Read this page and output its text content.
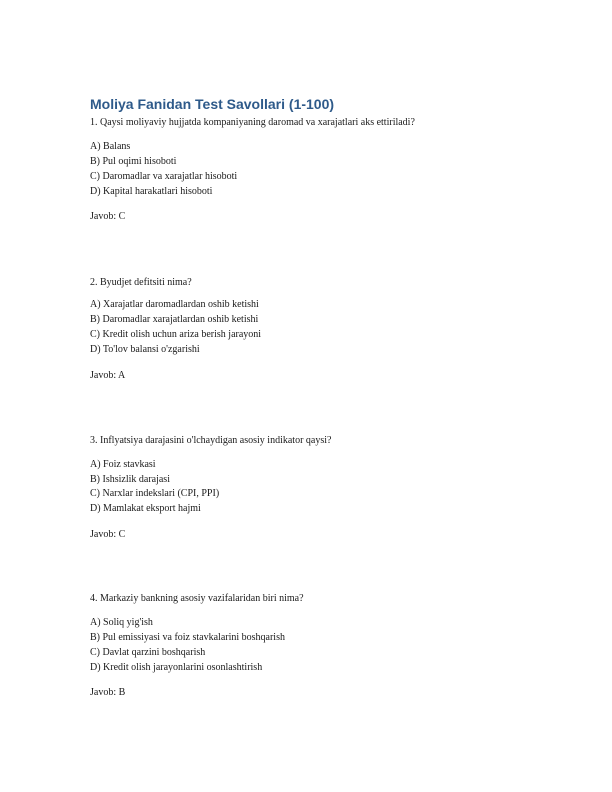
Moliya Fanidan Test Savollari (1-100)
1. Qaysi moliyaviy hujjatda kompaniyaning daromad va xarajatlari aks ettiriladi?
A) Balans
B) Pul oqimi hisoboti
C) Daromadlar va xarajatlar hisoboti
D) Kapital harakatlari hisoboti
Javob: C
2. Byudjet defitsiti nima?
A) Xarajatlar daromadlardan oshib ketishi
B) Daromadlar xarajatlardan oshib ketishi
C) Kredit olish uchun ariza berish jarayoni
D) To'lov balansi o'zgarishi
Javob: A
3. Inflyatsiya darajasini o'lchaydigan asosiy indikator qaysi?
A) Foiz stavkasi
B) Ishsizlik darajasi
C) Narxlar indekslari (CPI, PPI)
D) Mamlakat eksport hajmi
Javob: C
4. Markaziy bankning asosiy vazifalaridan biri nima?
A) Soliq yig'ish
B) Pul emissiyasi va foiz stavkalarini boshqarish
C) Davlat qarzini boshqarish
D) Kredit olish jarayonlarini osonlashtirish
Javob: B
